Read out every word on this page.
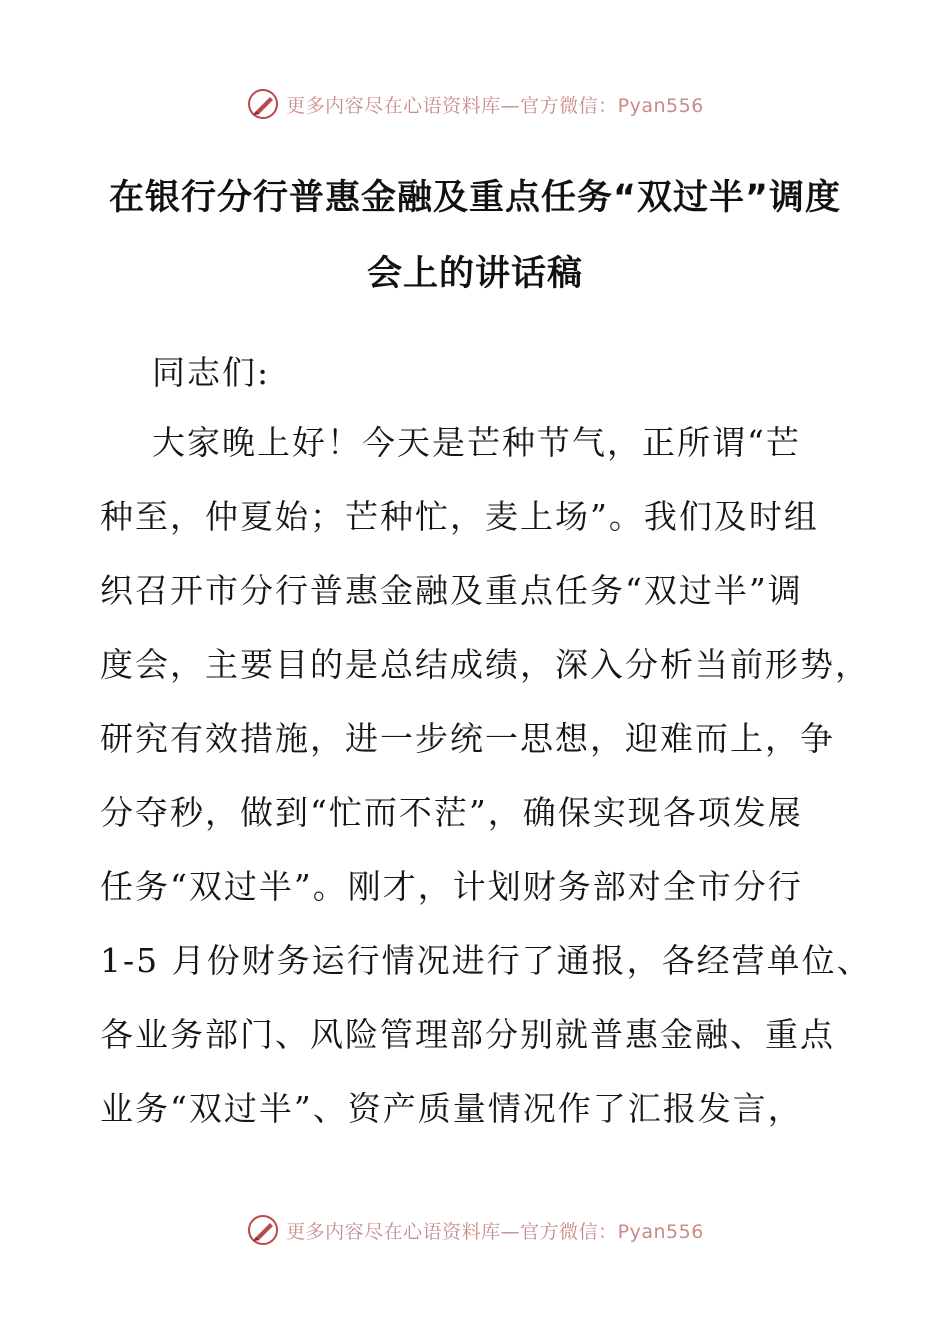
更多内容尽在心语资料库—官方微信：Pyan556
在银行分行普惠金融及重点任务“双过半”调度
会上的讲话稿
同志们:
大家晚上好！今天是芒种节气，正所谓“芒
种至，仲夏始；芒种忙，麦上场”。我们及时组
织召开市分行普惠金融及重点任务“双过半”调
度会，主要目的是总结成绩，深入分析当前形势，
研究有效措施，进一步统一思想，迎难而上，争
分夺秒，做到“忙而不茫”，确保实现各项发展
任务“双过半”。刚才，计划财务部对全市分行
1-5 月份财务运行情况进行了通报，各经营单位、
各业务部门、风险管理部分别就普惠金融、重点
业务“双过半”、资产质量情况作了汇报发言，
更多内容尽在心语资料库—官方微信：Pyan556
